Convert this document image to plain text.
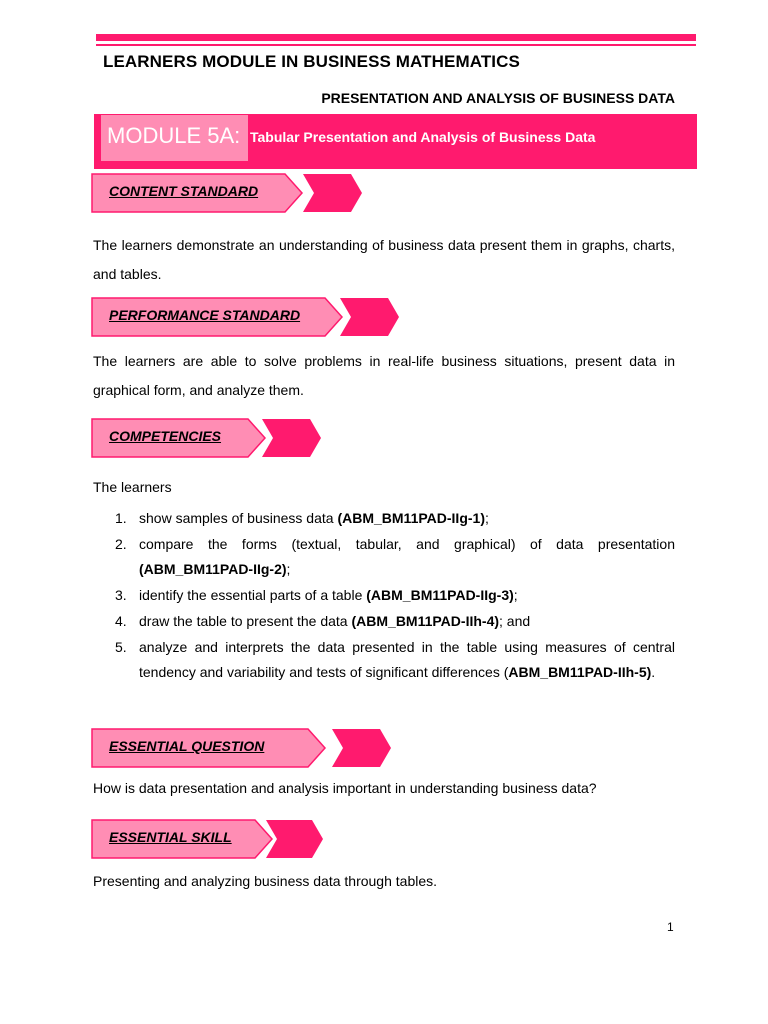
LEARNERS MODULE IN BUSINESS MATHEMATICS
PRESENTATION AND ANALYSIS OF BUSINESS DATA
MODULE 5A: Tabular Presentation and Analysis of Business Data
CONTENT STANDARD
The learners demonstrate an understanding of business data present them in graphs, charts, and tables.
PERFORMANCE STANDARD
The learners are able to solve problems in real-life business situations, present data in graphical form, and analyze them.
COMPETENCIES
The learners
1. show samples of business data (ABM_BM11PAD-IIg-1);
2. compare the forms (textual, tabular, and graphical) of data presentation (ABM_BM11PAD-IIg-2);
3. identify the essential parts of a table (ABM_BM11PAD-IIg-3);
4. draw the table to present the data (ABM_BM11PAD-IIh-4); and
5. analyze and interprets the data presented in the table using measures of central tendency and variability and tests of significant differences (ABM_BM11PAD-IIh-5).
ESSENTIAL QUESTION
How is data presentation and analysis important in understanding business data?
ESSENTIAL SKILL
Presenting and analyzing business data through tables.
1
